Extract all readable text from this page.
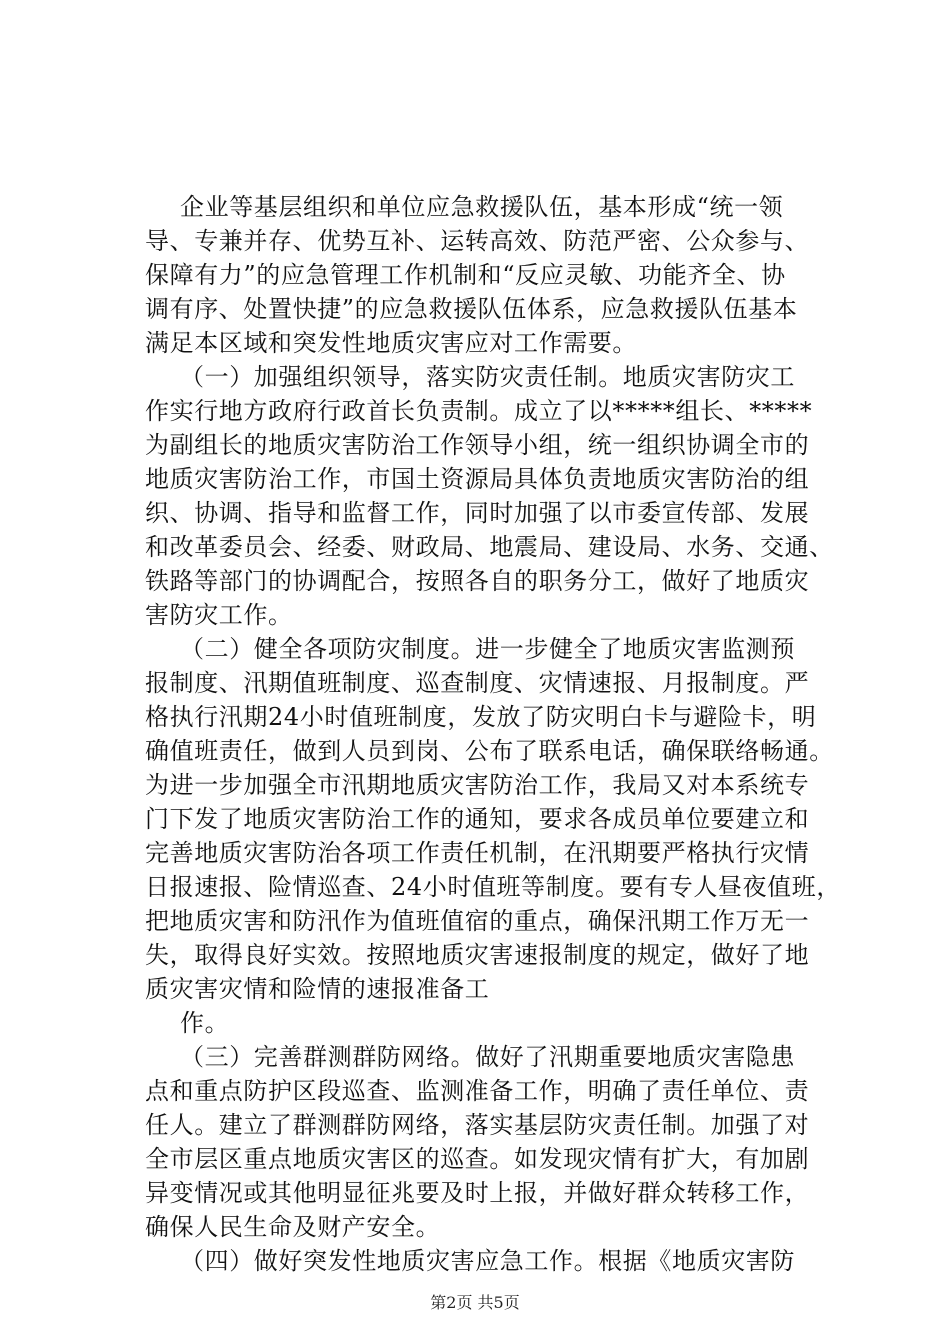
企业等基层组织和单位应急救援队伍，基本形成“统一领
导、专兼并存、优势互补、运转高效、防范严密、公众参与、
保障有力”的应急管理工作机制和“反应灵敏、功能齐全、协
调有序、处置快捷”的应急救援队伍体系，应急救援队伍基本
满足本区域和突发性地质灾害应对工作需要。
（一）加强组织领导，落实防灾责任制。地质灾害防灾工
作实行地方政府行政首长负责制。成立了以*****组长、*****
为副组长的地质灾害防治工作领导小组，统一组织协调全市的
地质灾害防治工作，市国土资源局具体负责地质灾害防治的组
织、协调、指导和监督工作，同时加强了以市委宣传部、发展
和改革委员会、经委、财政局、地震局、建设局、水务、交通、
铁路等部门的协调配合，按照各自的职务分工，做好了地质灾
害防灾工作。
（二）健全各项防灾制度。进一步健全了地质灾害监测预
报制度、汛期值班制度、巡查制度、灾情速报、月报制度。严
格执行汛期24小时值班制度，发放了防灾明白卡与避险卡，明
确值班责任，做到人员到岗、公布了联系电话，确保联络畅通。
为进一步加强全市汛期地质灾害防治工作，我局又对本系统专
门下发了地质灾害防治工作的通知，要求各成员单位要建立和
完善地质灾害防治各项工作责任机制，在汛期要严格执行灾情
日报速报、险情巡查、24小时值班等制度。要有专人昼夜值班，
把地质灾害和防汛作为值班值宿的重点，确保汛期工作万无一
失，取得良好实效。按照地质灾害速报制度的规定，做好了地
质灾害灾情和险情的速报准备工
作。
（三）完善群测群防网络。做好了汛期重要地质灾害隐患
点和重点防护区段巡查、监测准备工作，明确了责任单位、责
任人。建立了群测群防网络，落实基层防灾责任制。加强了对
全市层区重点地质灾害区的巡查。如发现灾情有扩大，有加剧
异变情况或其他明显征兆要及时上报，并做好群众转移工作，
确保人民生命及财产安全。
（四）做好突发性地质灾害应急工作。根据《地质灾害防
第2页 共5页
